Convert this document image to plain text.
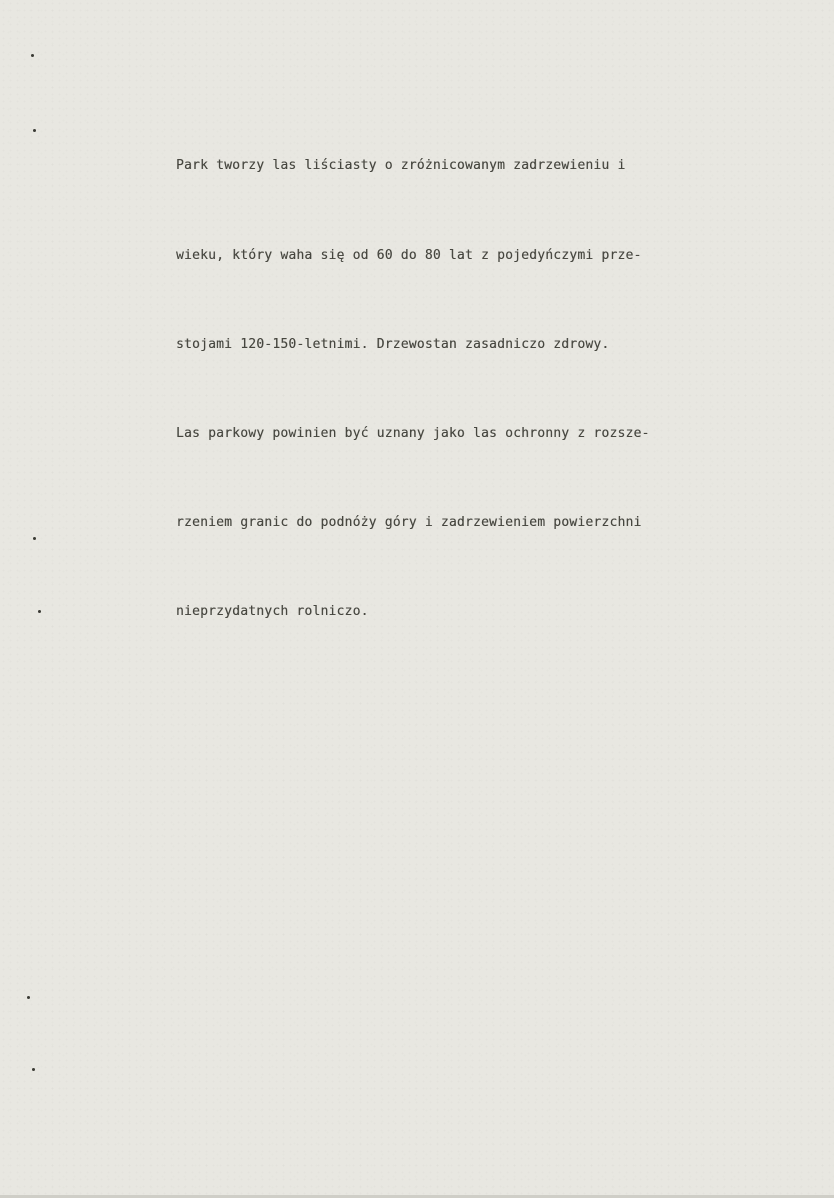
Park tworzy las liściasty o zróżnicowanym zadrzewieniu i

wieku, który waha się od 60 do 80 lat z pojedyńczymi prze-

stojami 120-150-letnimi. Drzewostan zasadniczo zdrowy.

Las parkowy powinien być uznany jako las ochronny z rozsze-

rzeniem granic do podnóży góry i zadrzewieniem powierzchni

nieprzydatnych rolniczo.
